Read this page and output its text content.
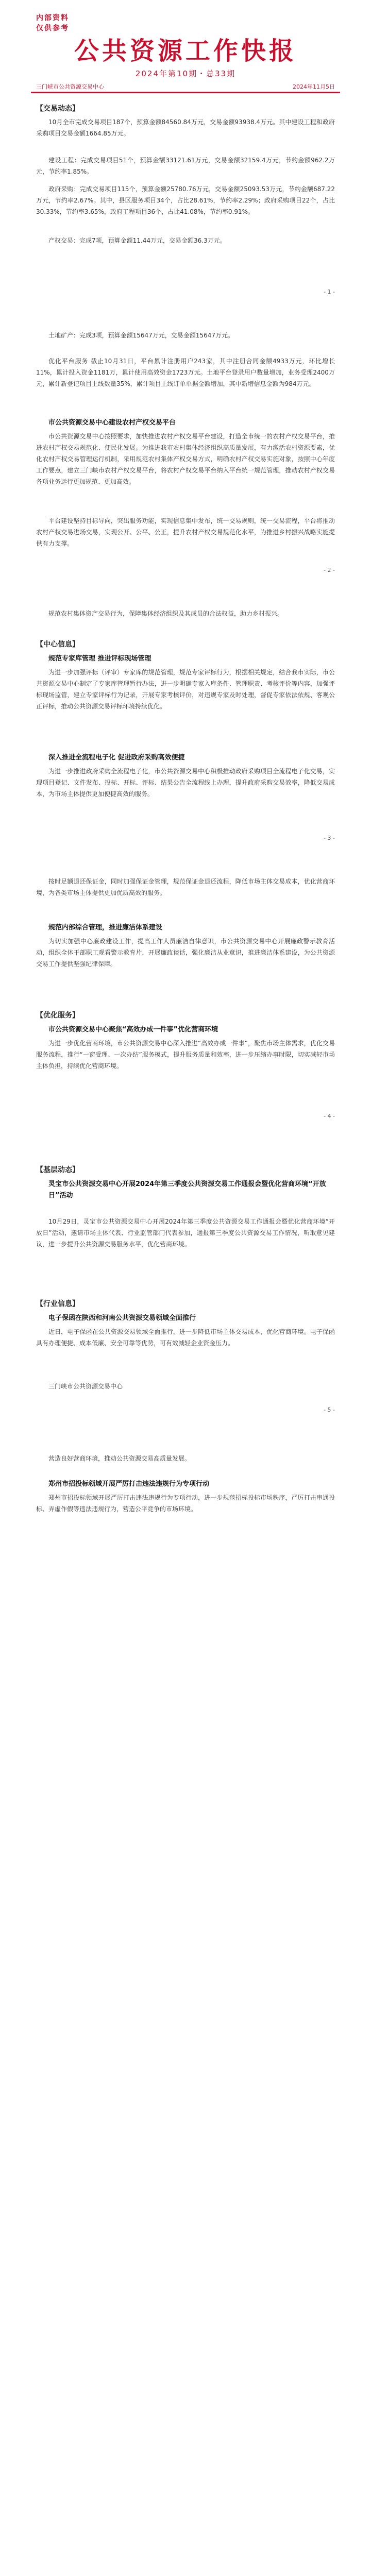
内部资料
仅供参考
公共资源工作快报
2024年第10期・总33期
三门峡市公共资源交易中心	2024年11月5日
【交易动态】
10月全市完成交易项目187个，预算金额84560.84万元，交易金额93938.4万元。其中建设工程和政府采购项目交易金额1664.85万元。
建设工程：完成交易项目51个，预算金额33121.61万元，交易金额32159.4万元，节约金额962.2万元，节约率1.85%。
政府采购：完成交易项目115个，预算金额25780.76万元，交易金额25093.53万元，节约金额687.22万元，节约率2.67%。其中，县区服务项目34个，占比28.61%，节约率2.29%；政府采购项目22个，占比30.33%，节约率3.65%，政府工程项目36个，占比41.08%，节约率0.91%。
产权交易：完成7项，预算金额11.44万元，交易金额36.3万元。
- 1 -
土地矿产：完成3项，预算金额15647万元，交易金额15647万元。
优化平台服务 截止10月31日，平台累计注册用户243家，其中注册合同金额4933万元，环比增长11%，累计投入资金1181万，累计使用高效资金1723万元。土地平台登录用户数量增加，业务受理2400万元，累计新登记项目上线数量35%，累计项目上线订单单据金额增加，其中新增信息金额为984万元。
市公共资源交易中心建设农村产权交易平台
市公共资源交易中心按照要求，加快推进农村产权交易平台建设，打造全市统一的农村产权交易平台，推进农村产权交易规范化、便民化发展。为推进我市农村集体经济组织高质量发展，有力激活农村资源要素，优化农村产权交易管理运行机制，采用规范农村集体产权交易方式，明确农村产权交易实施对象，按照中心年度工作要点，建立三门峡市农村产权交易平台，将农村产权交易平台纳入平台统一规范管理，推动农村产权交易各项业务运行更加规范、更加高效。
平台建设坚持目标导向，突出服务功能，实现信息集中发布，统一交易规则，统一交易流程，平台将推动农村产权交易进场交易，实现公开、公平、公正，提升农村产权交易规范化水平，为推进乡村振兴战略实施提供有力支撑。
- 2 -
规范农村集体资产交易行为，保障集体经济组织及其成员的合法权益，助力乡村振兴。
【中心信息】
规范专家库管理 推进评标现场管理
为进一步加强评标（评审）专家库的规范管理，规范专家评标行为，根据相关规定，结合我市实际，市公共资源交易中心制定了专家库管理暂行办法，进一步明确专家入库条件、管理职责、考核评价等内容，加强评标现场监管，建立专家评标行为记录，开展专家考核评价，对违规专家及时处理，督促专家依法依规、客观公正评标，推动公共资源交易评标环境持续优化。
深入推进全流程电子化 促进政府采购高效便捷
为进一步推进政府采购全流程电子化，市公共资源交易中心积极推动政府采购项目全流程电子化交易，实现项目登记、文件发布、投标、开标、评标、结果公告全流程线上办理，提升政府采购交易效率，降低交易成本，为市场主体提供更加便捷高效的服务。
- 3 -
按时足额退还保证金，同时加强保证金管理，规范保证金退还流程，降低市场主体交易成本，优化营商环境，为各类市场主体提供更加优质高效的服务。
规范内部综合管理，推进廉洁体系建设
为切实加强中心廉政建设工作，提高工作人员廉洁自律意识，市公共资源交易中心开展廉政警示教育活动，组织全体干部职工观看警示教育片，开展廉政谈话，强化廉洁从业意识，推进廉洁体系建设，为公共资源交易工作提供坚强纪律保障。
【优化服务】
市公共资源交易中心聚焦“高效办成一件事”优化营商环境
为进一步优化营商环境，市公共资源交易中心深入推进“高效办成一件事”，聚焦市场主体需求，优化交易服务流程，推行“一窗受理、一次办结”服务模式，提升服务质量和效率，进一步压缩办事时限，切实减轻市场主体负担，持续优化营商环境。
- 4 -
【基层动态】
灵宝市公共资源交易中心开展2024年第三季度公共资源交易工作通报会暨优化营商环境“开放日”活动
10月29日，灵宝市公共资源交易中心开展2024年第三季度公共资源交易工作通报会暨优化营商环境“开放日”活动，邀请市场主体代表、行业监管部门代表参加，通报第三季度公共资源交易工作情况，听取意见建议，进一步提升公共资源交易服务水平，优化营商环境。
【行业信息】
电子保函在陕西和河南公共资源交易领域全面推行
近日，电子保函在公共资源交易领域全面推行，进一步降低市场主体交易成本，优化营商环境。电子保函具有办理便捷、成本低廉、安全可靠等优势，可有效减轻企业资金压力。
三门峡市公共资源交易中心
- 5 -
营造良好营商环境，推动公共资源交易高质量发展。
郑州市招投标领域开展严厉打击违法违规行为专项行动
郑州市招投标领域开展严厉打击违法违规行为专项行动，进一步规范招标投标市场秩序，严厉打击串通投标、弄虚作假等违法违规行为，营造公平竞争的市场环境。
